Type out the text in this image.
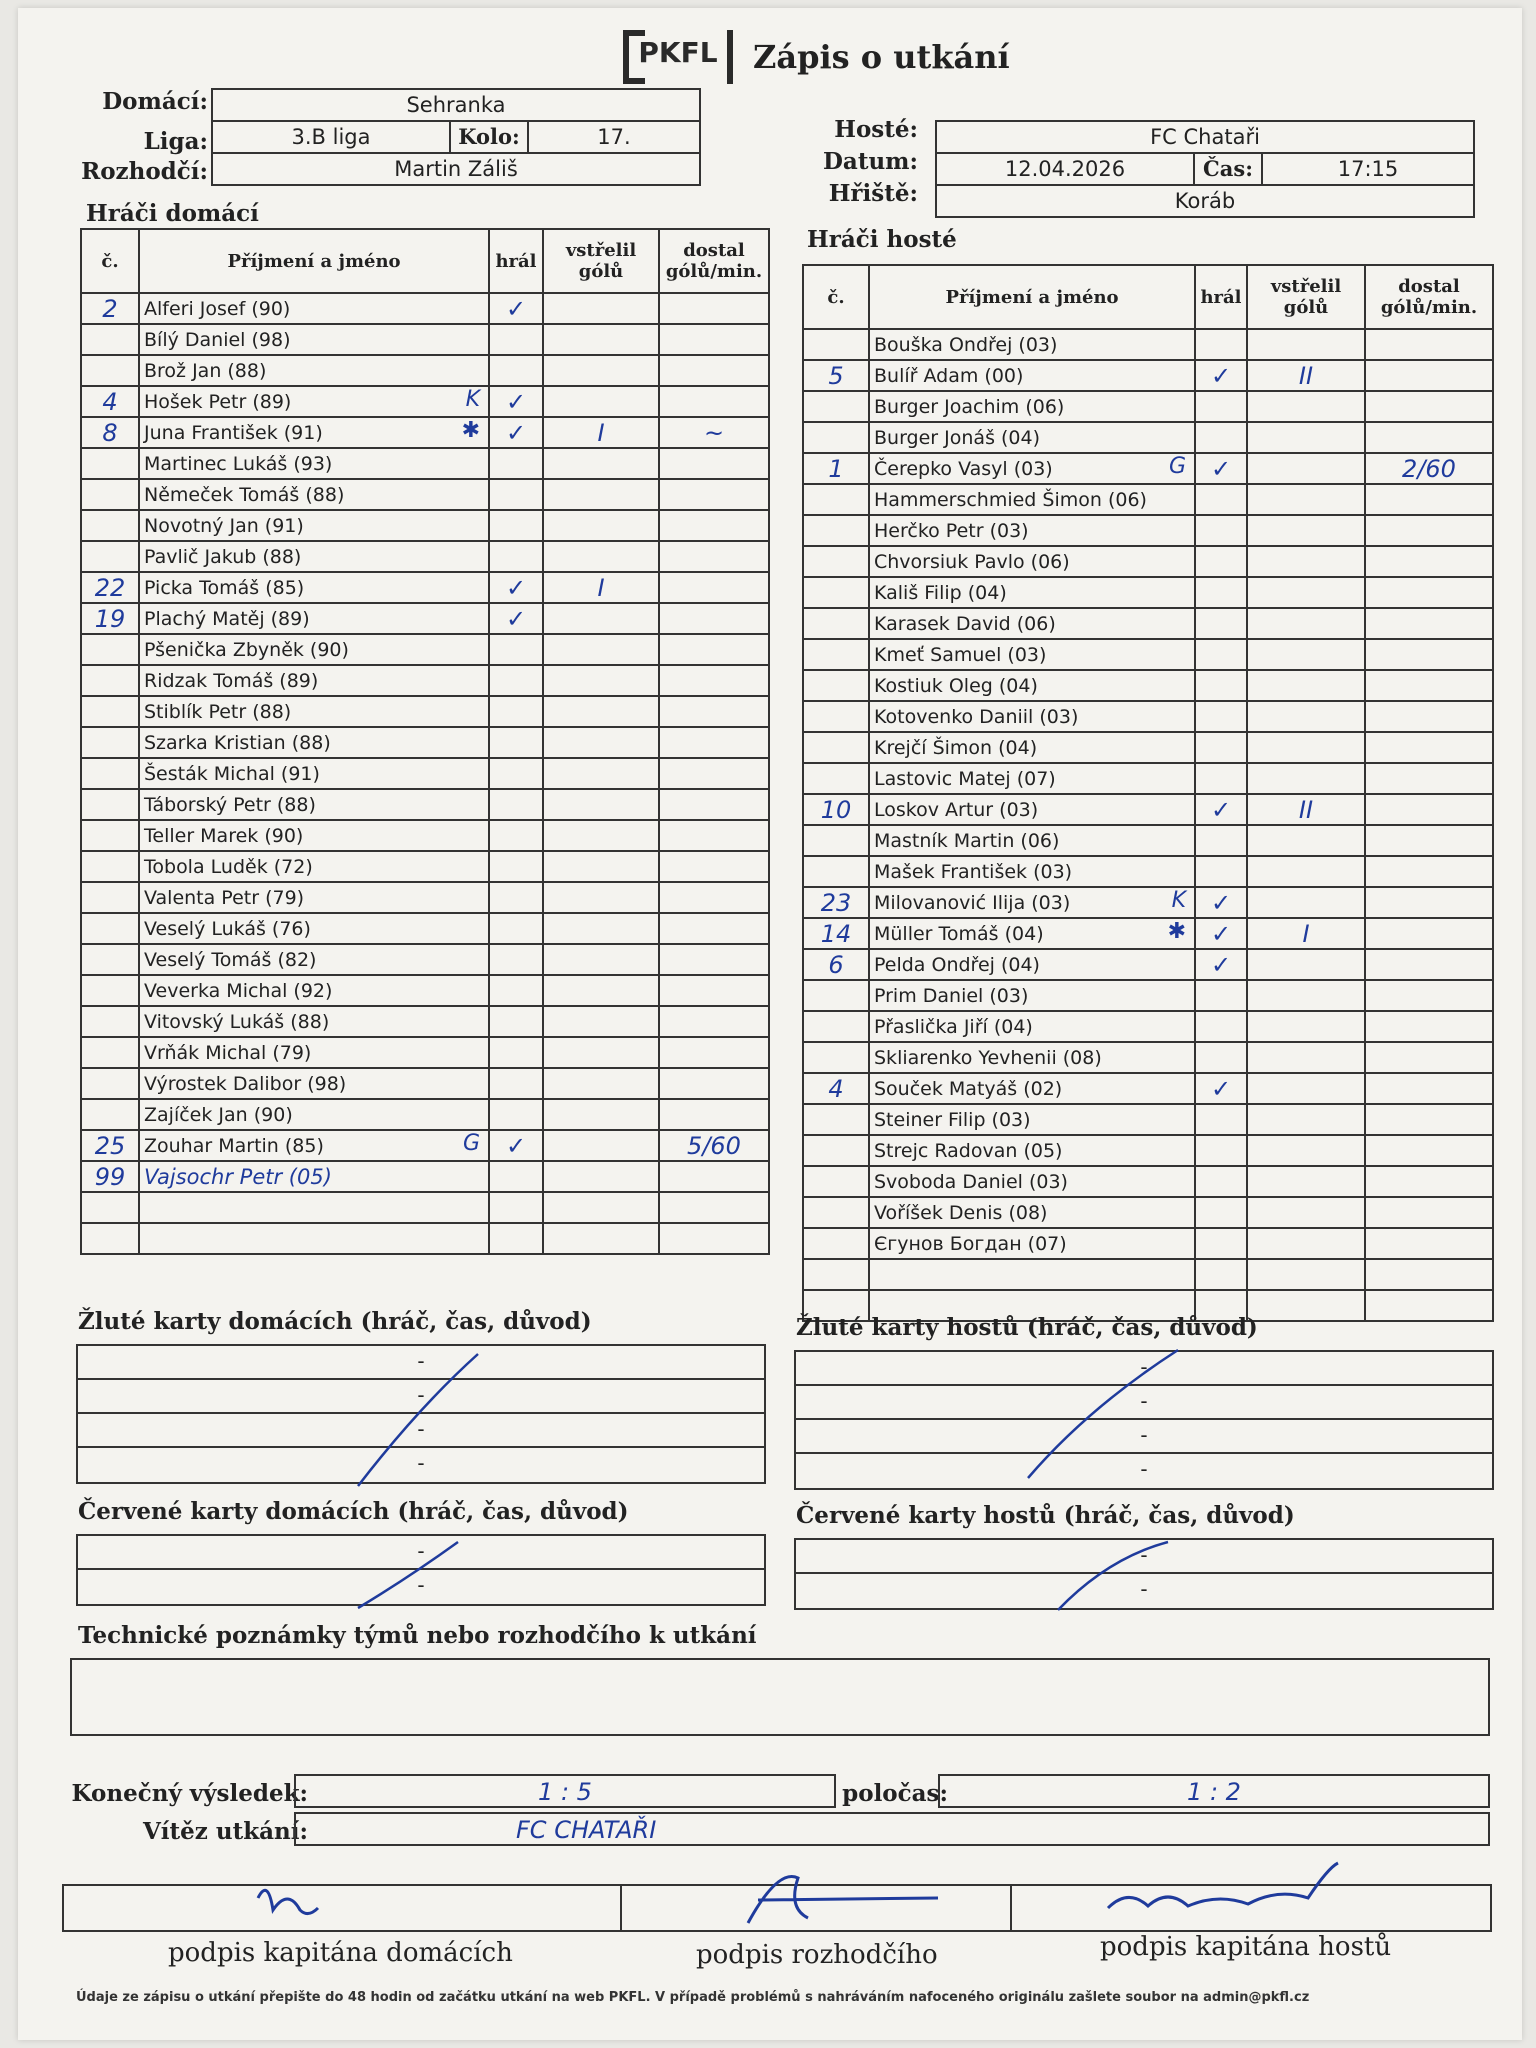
PKFL Zápis o utkání
Domácí:
Liga:
Rozhodčí:
Sehranka
3.B liga	Kolo:	17.
Martin Záliš
Hosté:
Datum:
Hřiště:
FC Chataři
12.04.2026	Čas:	17:15
Koráb
Hráči domácí
Hráči hosté
č.	Příjmení a jméno	hrál	vstřelil gólů	dostal gólů/min.
2	Alferi Josef (90)	✓		
	Bílý Daniel (98)

	Brož Jan (88)

4	Hošek Petr (89) K	✓		
8	Juna František (91) ✱	✓	I	~
	Martinec Lukáš (93)

	Němeček Tomáš (88)

	Novotný Jan (91)

	Pavlič Jakub (88)

22	Picka Tomáš (85)	✓	I	
19	Plachý Matěj (89)	✓		
	Pšenička Zbyněk (90)

	Ridzak Tomáš (89)

	Stiblík Petr (88)

	Szarka Kristian (88)

	Šesták Michal (91)

	Táborský Petr (88)

	Teller Marek (90)

	Tobola Luděk (72)

	Valenta Petr (79)

	Veselý Lukáš (76)

	Veselý Tomáš (82)

	Veverka Michal (92)

	Vitovský Lukáš (88)

	Vrňák Michal (79)

	Výrostek Dalibor (98)

	Zajíček Jan (90)

25	Zouhar Martin (85) G	✓		5/60
99	Vajsochr Petr (05)

č.	Příjmení a jméno	hrál	vstřelil gólů	dostal gólů/min.
	Bouška Ondřej (03)

5	Bulíř Adam (00)	✓	II	
	Burger Joachim (06)

	Burger Jonáš (04)

1	Čerepko Vasyl (03) G	✓		2/60
	Hammerschmied Šimon (06)

	Herčko Petr (03)

	Chvorsiuk Pavlo (06)

	Kališ Filip (04)

	Karasek David (06)

	Kmeť Samuel (03)

	Kostiuk Oleg (04)

	Kotovenko Daniil (03)

	Krejčí Šimon (04)

	Lastovic Matej (07)

10	Loskov Artur (03)	✓	II	
	Mastník Martin (06)

	Mašek František (03)

23	Milovanović Ilija (03) K	✓		
14	Müller Tomáš (04) ✱	✓	I	
6	Pelda Ondřej (04)	✓		
	Prim Daniel (03)

	Přaslička Jiří (04)

	Skliarenko Yevhenii (08)

4	Souček Matyáš (02)	✓		
	Steiner Filip (03)

	Strejc Radovan (05)

	Svoboda Daniel (03)

	Voříšek Denis (08)

	Єгунов Богдан (07)

Žluté karty domácích (hráč, čas, důvod)	Žluté karty hostů (hráč, čas, důvod)
-
-
-
-
-
-
-
-
Červené karty domácích (hráč, čas, důvod)	Červené karty hostů (hráč, čas, důvod)
-
-
-
-
Technické poznámky týmů nebo rozhodčího k utkání
Konečný výsledek:	1 : 5	poločas:	1 : 2
Vítěz utkání:	FC CHATAŘI
podpis kapitána domácích	podpis rozhodčího	podpis kapitána hostů
Údaje ze zápisu o utkání přepište do 48 hodin od začátku utkání na web PKFL. V případě problémů s nahráváním nafoceného originálu zašlete soubor na admin@pkfl.cz
